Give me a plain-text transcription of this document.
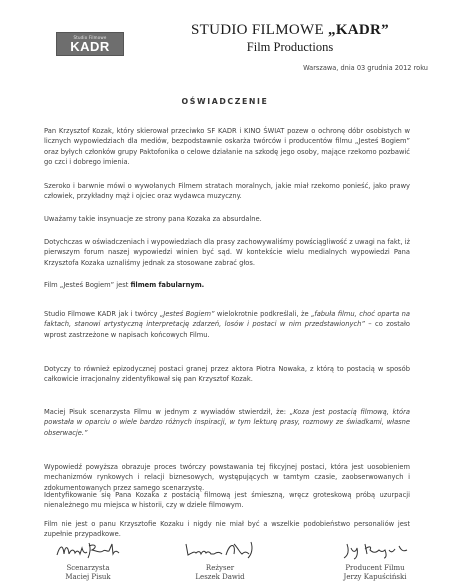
Studio Filmowe
KADR
STUDIO FILMOWE „KADR”
Film Productions
Warszawa, dnia 03 grudnia 2012 roku
OŚWIADCZENIE
Pan Krzysztof Kozak, który skierował przeciwko SF KADR i KINO ŚWIAT pozew o ochronę dóbr osobistych w licznych wypowiedziach dla mediów, bezpodstawnie oskarża twórców i producentów filmu „Jesteś Bogiem” oraz byłych członków grupy Paktofonika o celowe działanie na szkodę jego osoby, mające rzekomo pozbawić go czci i dobrego imienia.
Szeroko i barwnie mówi o wywołanych Filmem stratach moralnych, jakie miał rzekomo ponieść, jako prawy człowiek, przykładny mąż i ojciec oraz wydawca muzyczny.
Uważamy takie insynuacje ze strony pana Kozaka za absurdalne.
Dotychczas w oświadczeniach i wypowiedziach dla prasy zachowywaliśmy powściągliwość z uwagi na fakt, iż pierwszym forum naszej wypowiedzi winien być sąd. W kontekście wielu medialnych wypowiedzi Pana Krzysztofa Kozaka uznaliśmy jednak za stosowane zabrać głos.
Film „Jesteś Bogiem” jest filmem fabularnym.
Studio Filmowe KADR jak i twórcy „Jesteś Bogiem” wielokrotnie podkreślali, że „fabuła filmu, choć oparta na faktach, stanowi artystyczną interpretację zdarzeń, losów i postaci w nim przedstawionych” – co zostało wprost zastrzeżone w napisach końcowych Filmu.
Dotyczy to również epizodycznej postaci granej przez aktora Piotra Nowaka, z którą to postacią w sposób całkowicie irracjonalny zidentyfikował się pan Krzysztof Kozak.
Maciej Pisuk scenarzysta Filmu w jednym z wywiadów stwierdził, że: „Koza jest postacią filmową, która powstała w oparciu o wiele bardzo różnych inspiracji, w tym lekturę prasy, rozmowy ze świadkami, własne obserwacje.”
Wypowiedź powyższa obrazuje proces twórczy powstawania tej fikcyjnej postaci, która jest uosobieniem mechanizmów rynkowych i relacji biznesowych, występujących w tamtym czasie, zaobserwowanych i zdokumentowanych przez samego scenarzystę.
Identyfikowanie się Pana Kozaka z postacią filmową jest śmieszną, wręcz groteskową próbą uzurpacji nienależnego mu miejsca w historii, czy w dziele filmowym.
Film nie jest o panu Krzysztofie Kozaku i nigdy nie miał być a wszelkie podobieństwo personaliów jest zupełnie przypadkowe.
Scenarzysta
Maciej Pisuk
Reżyser
Leszek Dawid
Producent Filmu
Jerzy Kapuściński
